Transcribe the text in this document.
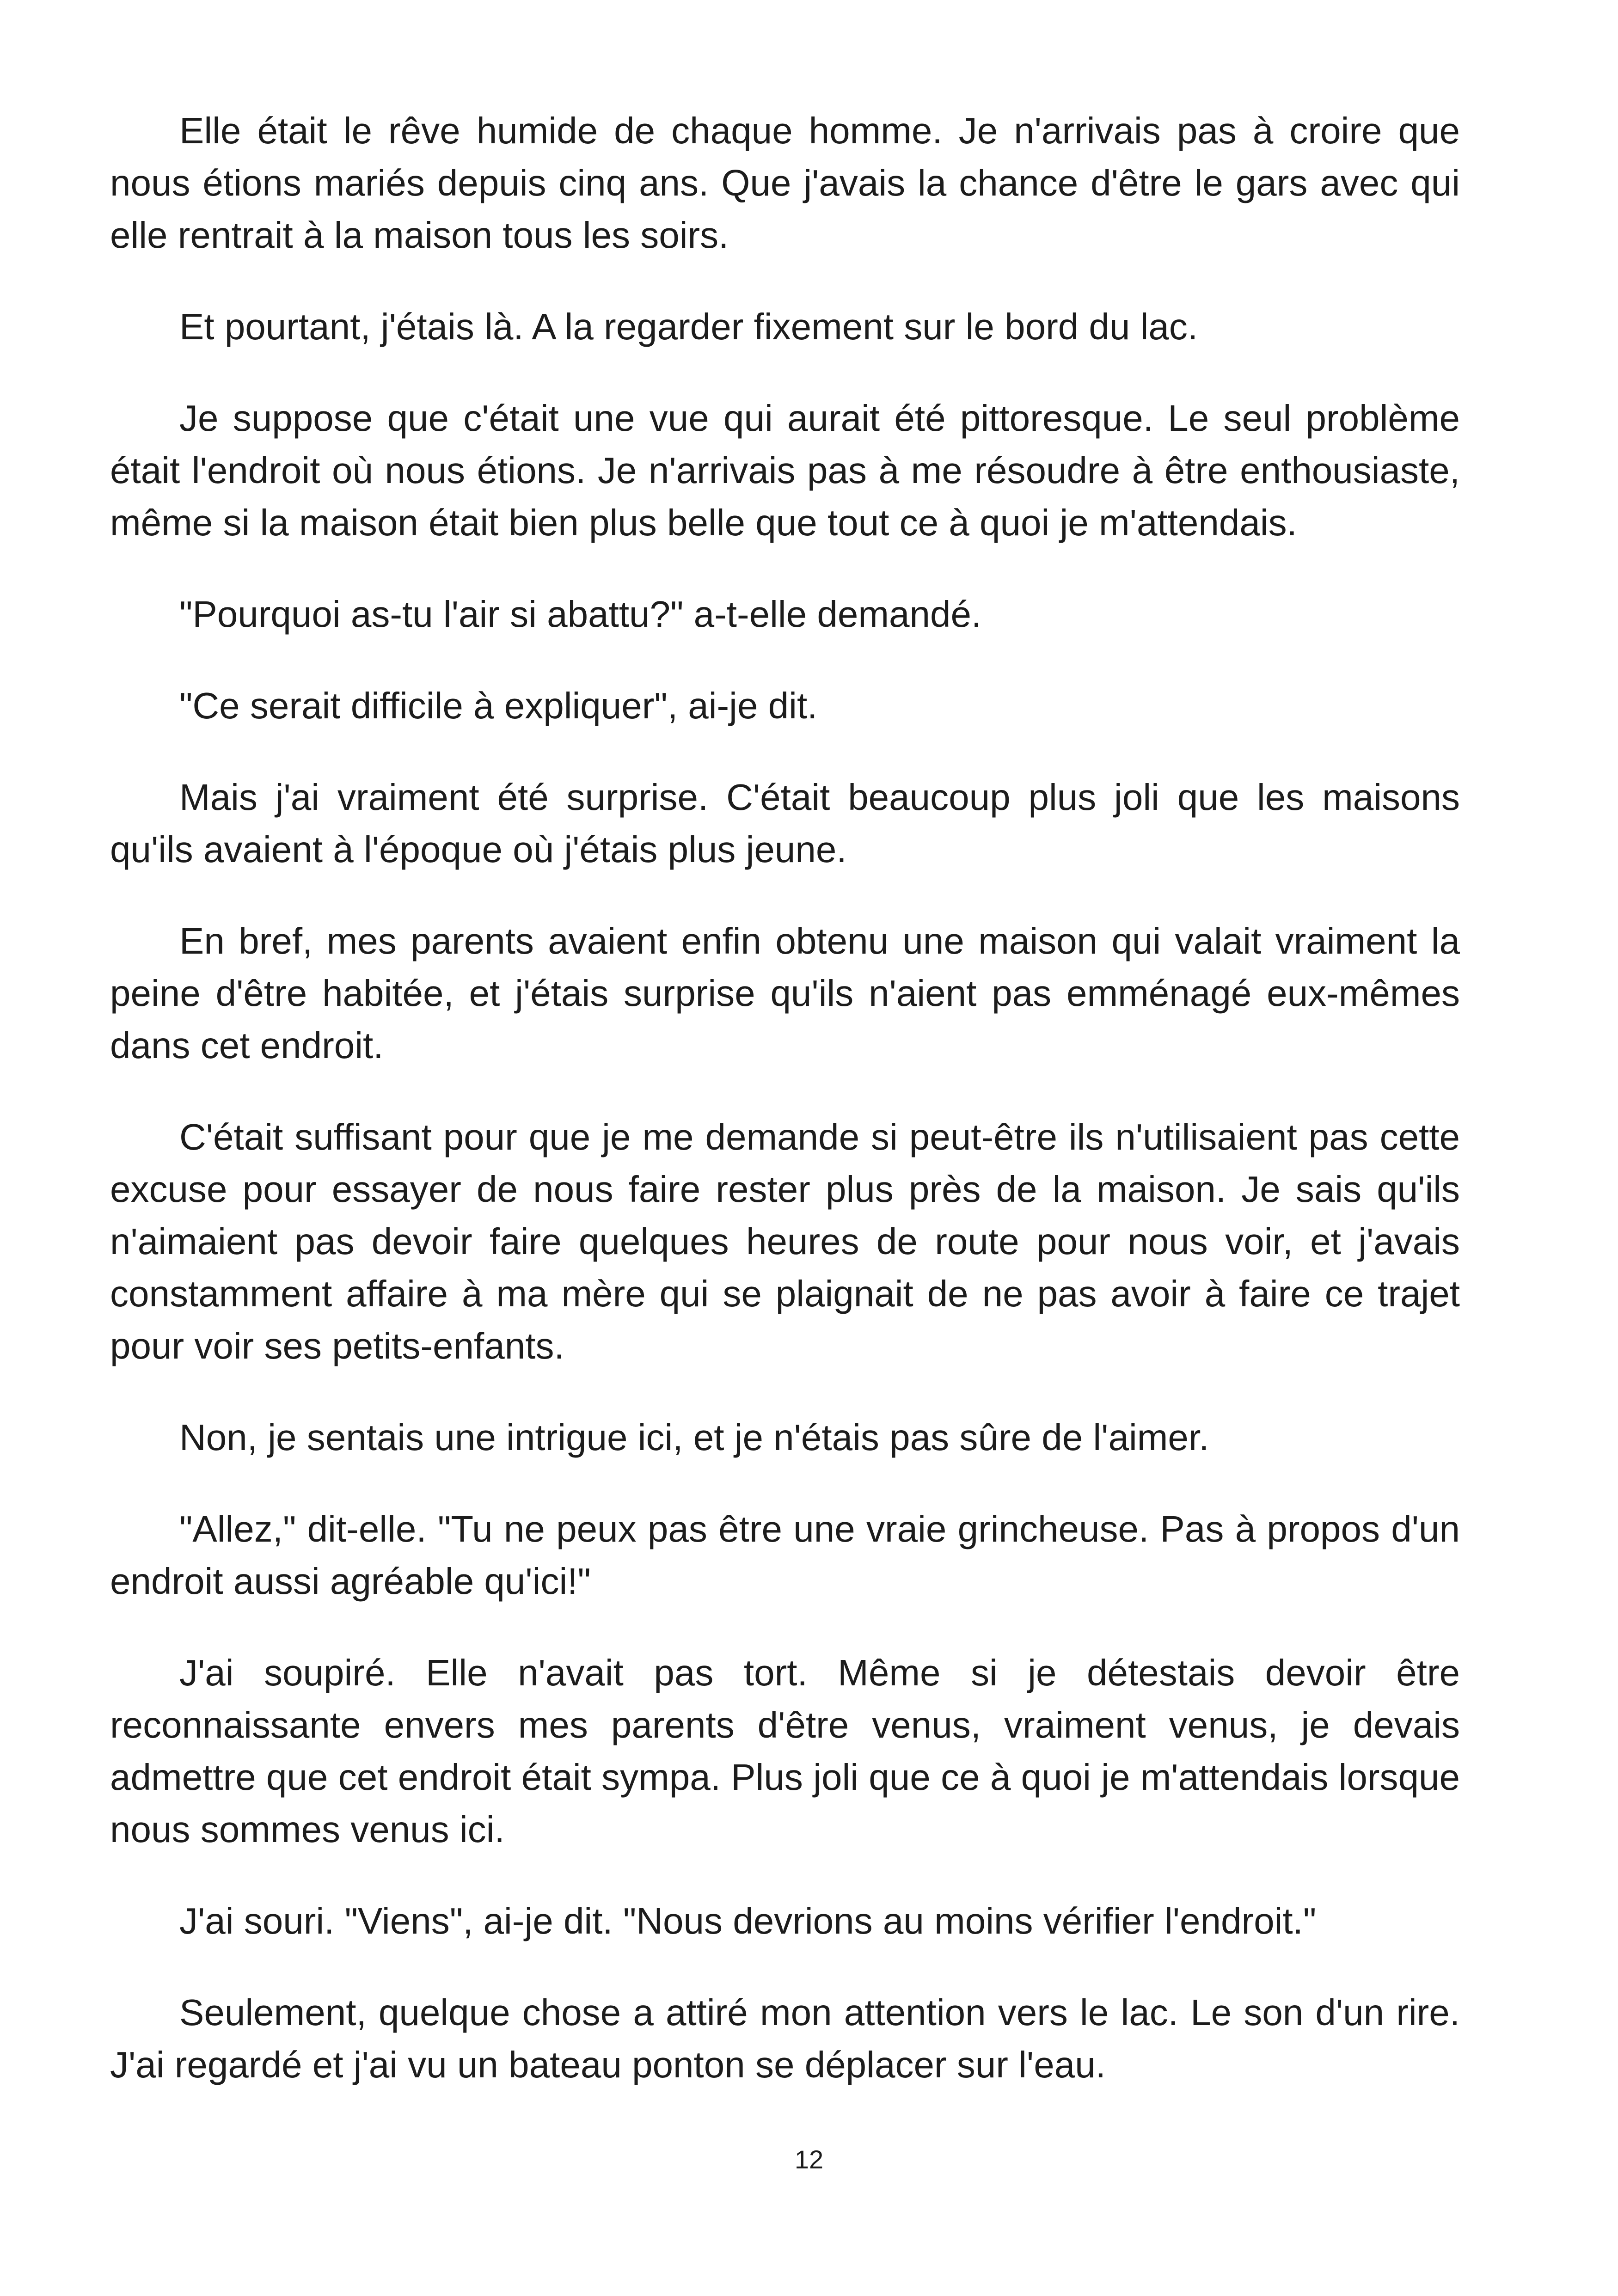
Elle était le rêve humide de chaque homme. Je n'arrivais pas à croire que nous étions mariés depuis cinq ans. Que j'avais la chance d'être le gars avec qui elle rentrait à la maison tous les soirs.

Et pourtant, j'étais là. A la regarder fixement sur le bord du lac.

Je suppose que c'était une vue qui aurait été pittoresque. Le seul problème était l'endroit où nous étions. Je n'arrivais pas à me résoudre à être enthousiaste, même si la maison était bien plus belle que tout ce à quoi je m'attendais.

"Pourquoi as-tu l'air si abattu?" a-t-elle demandé.

"Ce serait difficile à expliquer", ai-je dit.

Mais j'ai vraiment été surprise. C'était beaucoup plus joli que les maisons qu'ils avaient à l'époque où j'étais plus jeune.

En bref, mes parents avaient enfin obtenu une maison qui valait vraiment la peine d'être habitée, et j'étais surprise qu'ils n'aient pas emménagé eux-mêmes dans cet endroit.

C'était suffisant pour que je me demande si peut-être ils n'utilisaient pas cette excuse pour essayer de nous faire rester plus près de la maison. Je sais qu'ils n'aimaient pas devoir faire quelques heures de route pour nous voir, et j'avais constamment affaire à ma mère qui se plaignait de ne pas avoir à faire ce trajet pour voir ses petits-enfants.

Non, je sentais une intrigue ici, et je n'étais pas sûre de l'aimer.

"Allez," dit-elle. "Tu ne peux pas être une vraie grincheuse. Pas à propos d'un endroit aussi agréable qu'ici!"

J'ai soupiré. Elle n'avait pas tort. Même si je détestais devoir être reconnaissante envers mes parents d'être venus, vraiment venus, je devais admettre que cet endroit était sympa. Plus joli que ce à quoi je m'attendais lorsque nous sommes venus ici.

J'ai souri. "Viens", ai-je dit. "Nous devrions au moins vérifier l'endroit."

Seulement, quelque chose a attiré mon attention vers le lac. Le son d'un rire. J'ai regardé et j'ai vu un bateau ponton se déplacer sur l'eau.

12
